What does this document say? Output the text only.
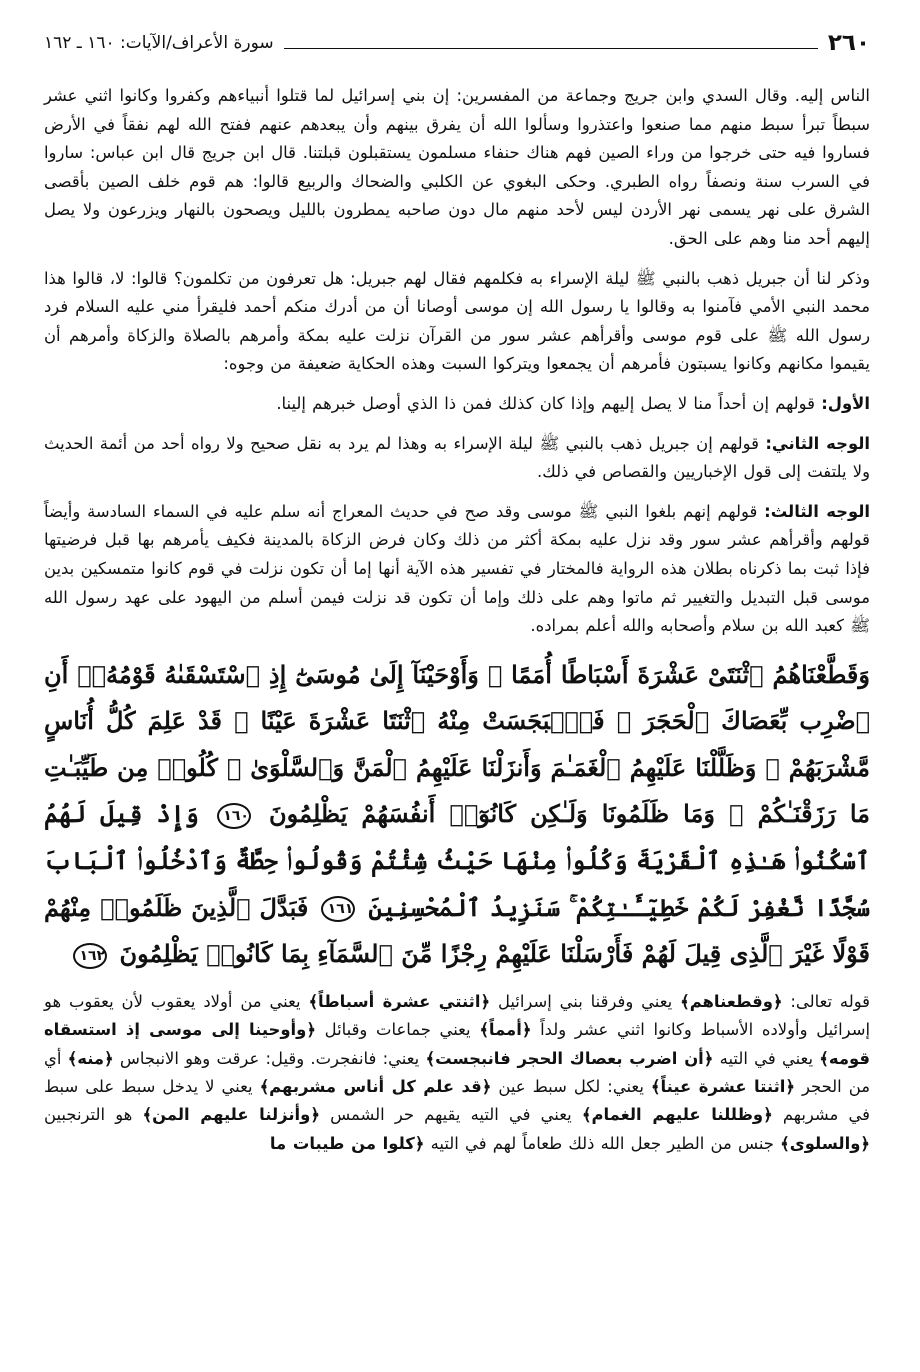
٢٦٠
سورة الأعراف/الآيات: ١٦٠ ـ ١٦٢

الناس إليه. وقال السدي وابن جريج وجماعة من المفسرين: إن بني إسرائيل لما قتلوا أنبياءهم وكفروا وكانوا اثني عشر سبطاً تبرأ سبط منهم مما صنعوا واعتذروا وسألوا الله أن يفرق بينهم وأن يبعدهم عنهم ففتح الله لهم نفقاً في الأرض فساروا فيه حتى خرجوا من وراء الصين فهم هناك حنفاء مسلمون يستقبلون قبلتنا. قال ابن جريج قال ابن عباس: ساروا في السرب سنة ونصفاً رواه الطبري. وحكى البغوي عن الكلبي والضحاك والربيع قالوا: هم قوم خلف الصين بأقصى الشرق على نهر يسمى نهر الأردن ليس لأحد منهم مال دون صاحبه يمطرون بالليل ويصحون بالنهار ويزرعون ولا يصل إليهم أحد منا وهم على الحق.

وذكر لنا أن جبريل ذهب بالنبي ﷺ ليلة الإسراء به فكلمهم فقال لهم جبريل: هل تعرفون من تكلمون؟ قالوا: لا، قالوا هذا محمد النبي الأمي فآمنوا به وقالوا يا رسول الله إن موسى أوصانا أن من أدرك منكم أحمد فليقرأ مني عليه السلام فرد رسول الله ﷺ على قوم موسى وأقرأهم عشر سور من القرآن نزلت عليه بمكة وأمرهم بالصلاة والزكاة وأمرهم أن يقيموا مكانهم وكانوا يسبتون فأمرهم أن يجمعوا ويتركوا السبت وهذه الحكاية ضعيفة من وجوه:

الأول: قولهم إن أحداً منا لا يصل إليهم وإذا كان كذلك فمن ذا الذي أوصل خبرهم إلينا.

الوجه الثاني: قولهم إن جبريل ذهب بالنبي ﷺ ليلة الإسراء به وهذا لم يرد به نقل صحيح ولا رواه أحد من أئمة الحديث ولا يلتفت إلى قول الإخباريين والقصاص في ذلك.

الوجه الثالث: قولهم إنهم بلغوا النبي ﷺ موسى وقد صح في حديث المعراج أنه سلم عليه في السماء السادسة وأيضاً قولهم وأقرأهم عشر سور وقد نزل عليه بمكة أكثر من ذلك وكان فرض الزكاة بالمدينة فكيف يأمرهم بها قبل فرضيتها فإذا ثبت بما ذكرناه بطلان هذه الرواية فالمختار في تفسير هذه الآية أنها إما أن تكون نزلت في قوم كانوا متمسكين بدين موسى قبل التبديل والتغيير ثم ماتوا وهم على ذلك وإما أن تكون قد نزلت فيمن أسلم من اليهود على عهد رسول الله ﷺ كعبد الله بن سلام وأصحابه والله أعلم بمراده.

وَقَطَّعْنَاهُمُ ٱثْنَتَىْ عَشْرَةَ أَسْبَاطًا أُمَمًا ۚ وَأَوْحَيْنَآ إِلَىٰ مُوسَىٰٓ إِذِ ٱسْتَسْقَىٰهُ قَوْمُهُۥٓ أَنِ ٱضْرِب بِّعَصَاكَ ٱلْحَجَرَ ۖ فَٱنۢبَجَسَتْ مِنْهُ ٱثْنَتَا عَشْرَةَ عَيْنًا ۖ قَدْ عَلِمَ كُلُّ أُنَاسٍ مَّشْرَبَهُمْ ۚ وَظَلَّلْنَا عَلَيْهِمُ ٱلْغَمَـٰمَ وَأَنزَلْنَا عَلَيْهِمُ ٱلْمَنَّ وَٱلسَّلْوَىٰ ۖ كُلُوا۟ مِن طَيِّبَـٰتِ مَا رَزَقْنَـٰكُمْ ۚ وَمَا ظَلَمُونَا وَلَـٰكِن كَانُوٓا۟ أَنفُسَهُمْ يَظْلِمُونَ ١٦٠ وَإِذْ قِيلَ لَهُمُ ٱسْكُنُوا۟ هَـٰذِهِ ٱلْقَرْيَةَ وَكُلُوا۟ مِنْهَا حَيْثُ شِئْتُمْ وَقُولُوا۟ حِطَّةٌ وَٱدْخُلُوا۟ ٱلْبَابَ سُجَّدًا نَّغْفِرْ لَكُمْ خَطِيٓـَٔـٰتِكُمْ ۚ سَنَزِيدُ ٱلْمُحْسِنِينَ ١٦١ فَبَدَّلَ ٱلَّذِينَ ظَلَمُوا۟ مِنْهُمْ قَوْلًا غَيْرَ ٱلَّذِى قِيلَ لَهُمْ فَأَرْسَلْنَا عَلَيْهِمْ رِجْزًا مِّنَ ٱلسَّمَآءِ بِمَا كَانُوا۟ يَظْلِمُونَ ١٦٢

قوله تعالى: ﴿وقطعناهم﴾ يعني وفرقنا بني إسرائيل ﴿اثنتي عشرة أسباطاً﴾ يعني من أولاد يعقوب لأن يعقوب هو إسرائيل وأولاده الأسباط وكانوا اثني عشر ولداً ﴿أمماً﴾ يعني جماعات وقبائل ﴿وأوحينا إلى موسى إذ استسقاه قومه﴾ يعني في التيه ﴿أن اضرب بعصاك الحجر فانبجست﴾ يعني: فانفجرت. وقيل: عرقت وهو الانبجاس ﴿منه﴾ أي من الحجر ﴿اثنتا عشرة عيناً﴾ يعني: لكل سبط عين ﴿قد علم كل أناس مشربهم﴾ يعني لا يدخل سبط على سبط في مشربهم ﴿وظللنا عليهم الغمام﴾ يعني في التيه يقيهم حر الشمس ﴿وأنزلنا عليهم المن﴾ هو الترنجبين ﴿والسلوى﴾ جنس من الطير جعل الله ذلك طعاماً لهم في التيه ﴿كلوا من طيبات ما
